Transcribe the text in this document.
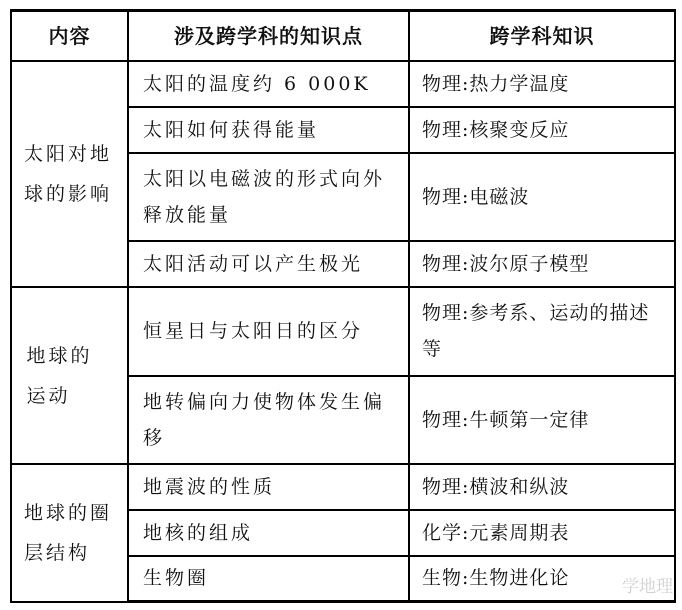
内容	涉及跨学科的知识点	跨学科知识
太阳对地球的影响	太阳的温度约 6 000K	物理:热力学温度
	太阳如何获得能量	物理:核聚变反应
	太阳以电磁波的形式向外释放能量	物理:电磁波
	太阳活动可以产生极光	物理:波尔原子模型
地球的运动	恒星日与太阳日的区分	物理:参考系、运动的描述等
	地转偏向力使物体发生偏移	物理:牛顿第一定律
地球的圈层结构	地震波的性质	物理:横波和纵波
	地核的组成	化学:元素周期表
	生物圈	生物:生物进化论	学地理
